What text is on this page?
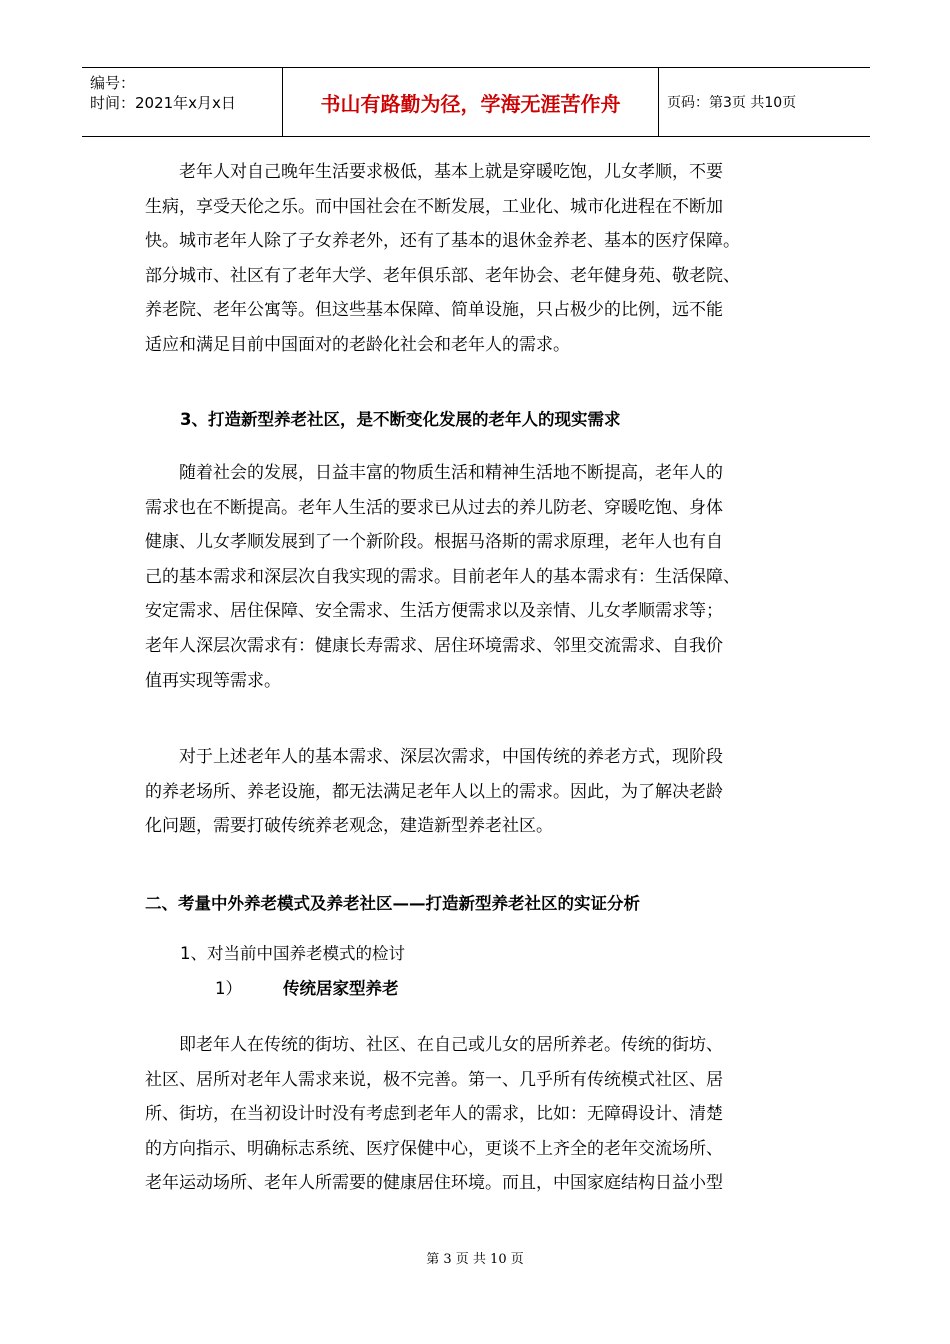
编号：
时间：2021年x月x日	书山有路勤为径，学海无涯苦作舟	页码：第3页 共10页
老年人对自己晚年生活要求极低，基本上就是穿暖吃饱，儿女孝顺，不要
生病，享受天伦之乐。而中国社会在不断发展，工业化、城市化进程在不断加
快。城市老年人除了子女养老外，还有了基本的退休金养老、基本的医疗保障。
部分城市、社区有了老年大学、老年俱乐部、老年协会、老年健身苑、敬老院、
养老院、老年公寓等。但这些基本保障、简单设施，只占极少的比例，远不能
适应和满足目前中国面对的老龄化社会和老年人的需求。
3、打造新型养老社区，是不断变化发展的老年人的现实需求
随着社会的发展，日益丰富的物质生活和精神生活地不断提高，老年人的
需求也在不断提高。老年人生活的要求已从过去的养儿防老、穿暖吃饱、身体
健康、儿女孝顺发展到了一个新阶段。根据马洛斯的需求原理，老年人也有自
己的基本需求和深层次自我实现的需求。目前老年人的基本需求有：生活保障、
安定需求、居住保障、安全需求、生活方便需求以及亲情、儿女孝顺需求等；
老年人深层次需求有：健康长寿需求、居住环境需求、邻里交流需求、自我价
值再实现等需求。
对于上述老年人的基本需求、深层次需求，中国传统的养老方式，现阶段
的养老场所、养老设施，都无法满足老年人以上的需求。因此，为了解决老龄
化问题，需要打破传统养老观念，建造新型养老社区。
二、考量中外养老模式及养老社区——打造新型养老社区的实证分析
1、对当前中国养老模式的检讨
1） 传统居家型养老
即老年人在传统的街坊、社区、在自己或儿女的居所养老。传统的街坊、
社区、居所对老年人需求来说，极不完善。第一、几乎所有传统模式社区、居
所、街坊，在当初设计时没有考虑到老年人的需求，比如：无障碍设计、清楚
的方向指示、明确标志系统、医疗保健中心，更谈不上齐全的老年交流场所、
老年运动场所、老年人所需要的健康居住环境。而且，中国家庭结构日益小型
第 3 页 共 10 页
